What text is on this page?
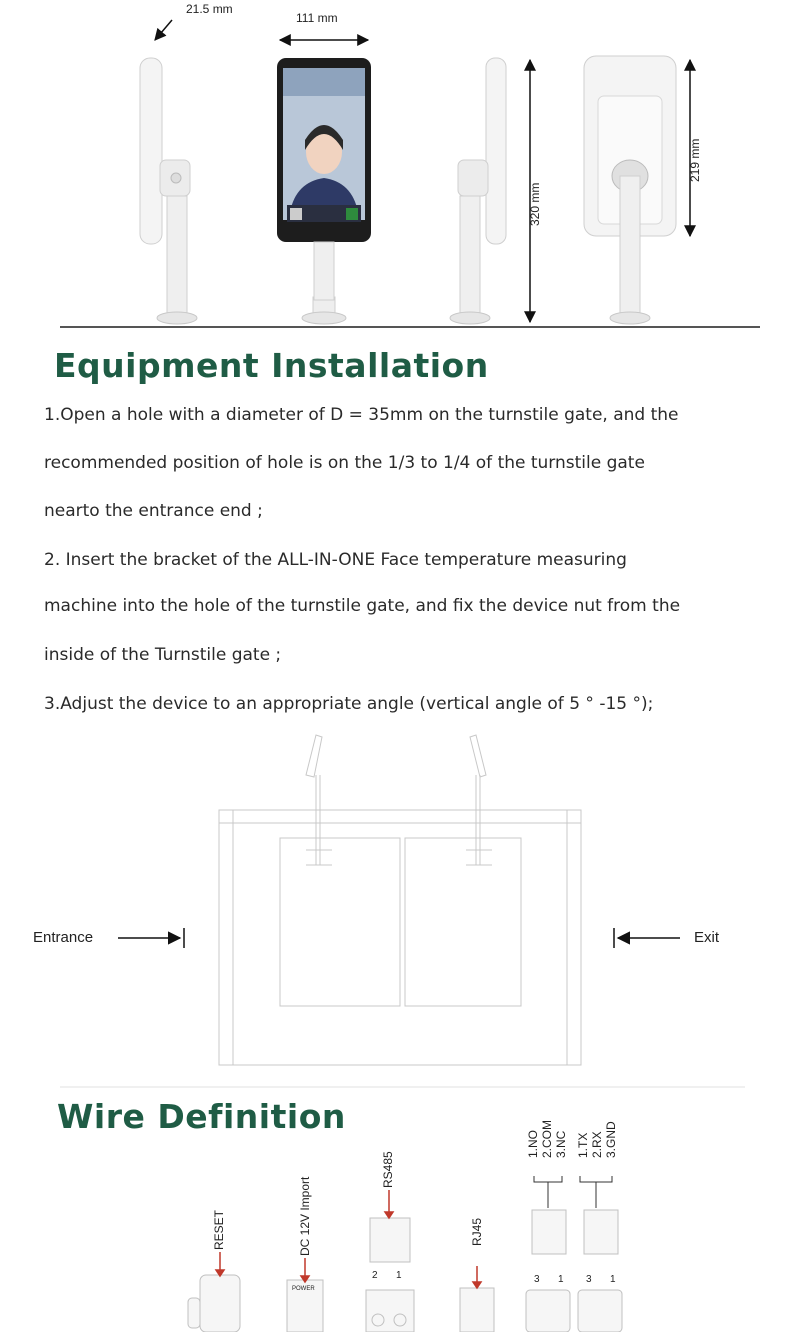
21.5 mm
111 mm
320 mm
219 mm
Equipment Installation
1.Open a hole with a diameter of D = 35mm on the turnstile gate, and the
recommended position of hole is on the 1/3 to 1/4 of the turnstile gate
nearto the entrance end ;
2. Insert the bracket of the ALL-IN-ONE Face temperature measuring
machine into the hole of the turnstile gate, and fix the device nut from the
inside of the Turnstile gate ;
3.Adjust the device to an appropriate angle (vertical angle of 5 ° -15 °);
Entrance	Exit
Wire Definition
RESET	DC 12V Import
RS485
RJ45
1.NO 2.COM 3.NC 1.TX 2.RX 3.GND
2 1	3 1 3 1
POWER
